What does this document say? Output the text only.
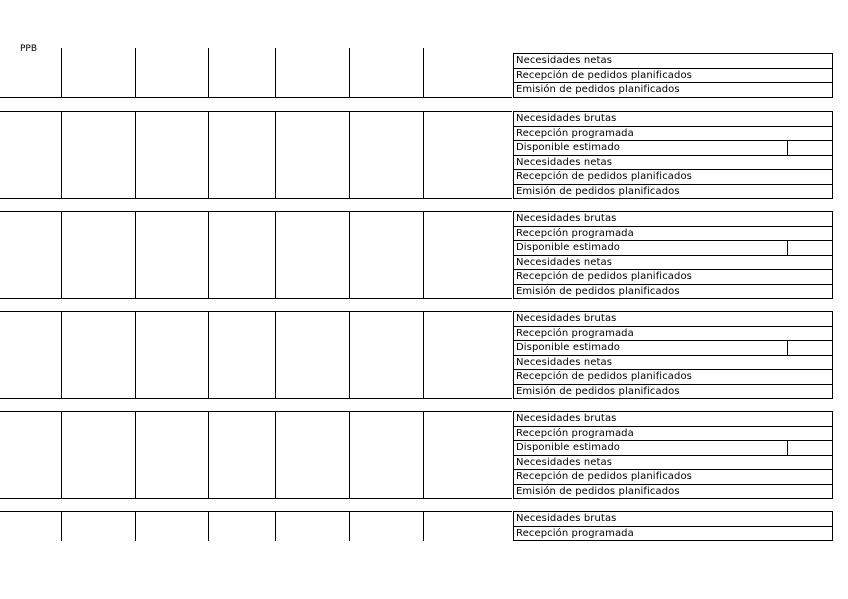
PPB
Necesidades netas
Recepción de pedidos planificados
Emisión de pedidos planificados
Necesidades brutas
Recepción programada
Disponible estimado
Necesidades netas
Recepción de pedidos planificados
Emisión de pedidos planificados
Necesidades brutas
Recepción programada
Disponible estimado
Necesidades netas
Recepción de pedidos planificados
Emisión de pedidos planificados
Necesidades brutas
Recepción programada
Disponible estimado
Necesidades netas
Recepción de pedidos planificados
Emisión de pedidos planificados
Necesidades brutas
Recepción programada
Disponible estimado
Necesidades netas
Recepción de pedidos planificados
Emisión de pedidos planificados
Necesidades brutas
Recepción programada
